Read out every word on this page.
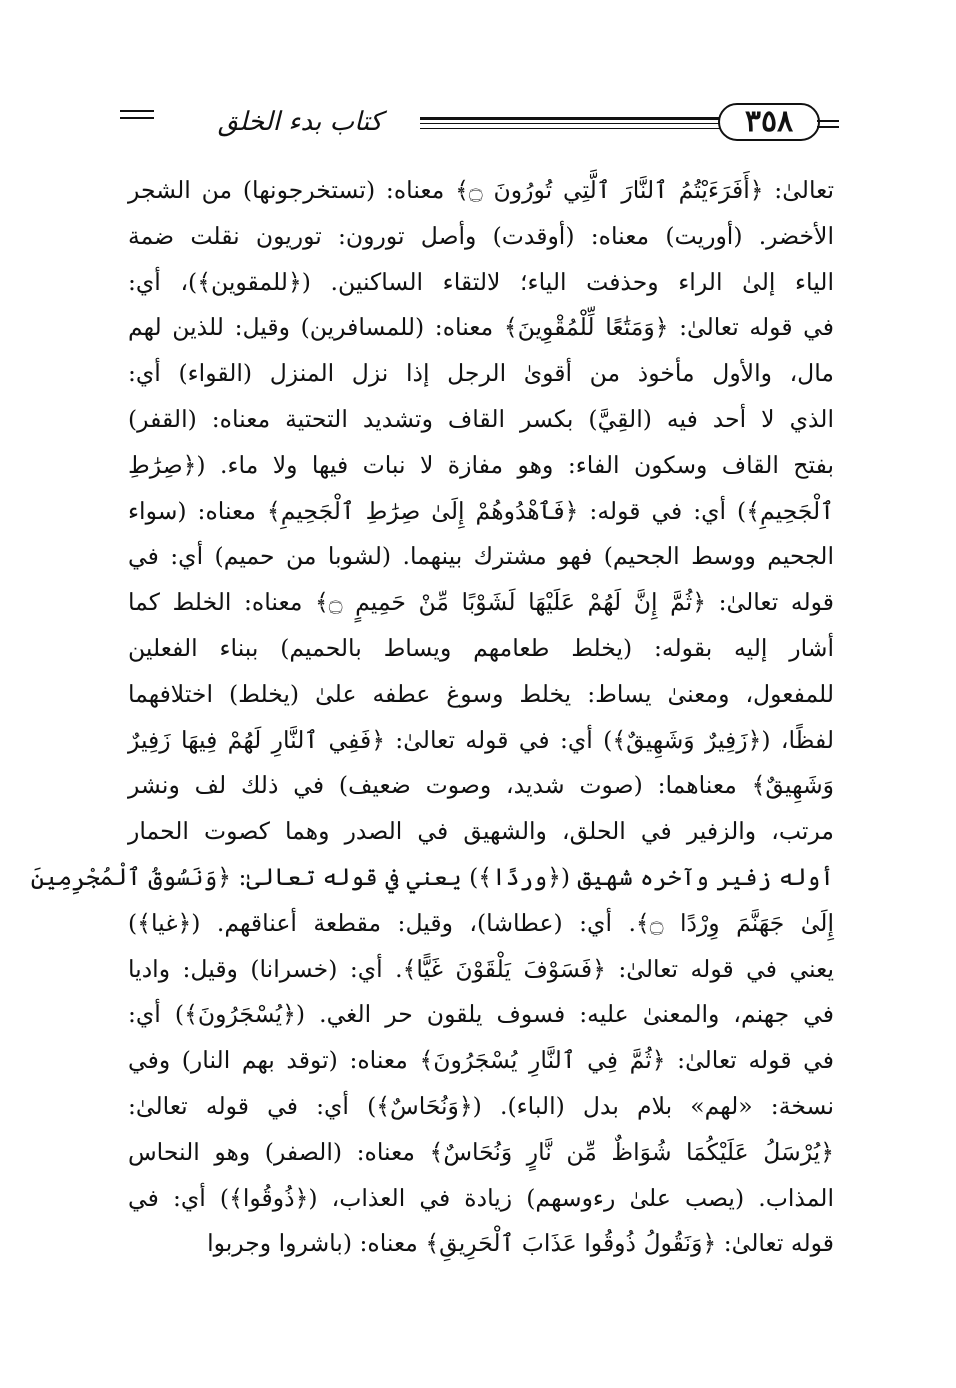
كتاب بدء الخلق	٣٥٨
تعالىٰ: ﴿أَفَرَءَيْتُمُ ٱلنَّارَ ٱلَّتِي تُورُونَ ۝﴾ معناه: (تستخرجونها) من الشجر
الأخضر. (أوريت) معناه: (أوقدت) وأصل تورون: توريون نقلت ضمة
الياء إلىٰ الراء وحذفت الياء؛ لالتقاء الساكنين. (﴿للمقوين﴾)، أي:
في قوله تعالىٰ: ﴿وَمَتَٰعًا لِّلْمُقْوِينَ﴾ معناه: (للمسافرين) وقيل: للذين لهم
مال، والأول مأخوذ من أقوىٰ الرجل إذا نزل المنزل (القواء) أي:
الذي لا أحد فيه (القِيَّ) بكسر القاف وتشديد التحتية معناه: (القفر)
بفتح القاف وسكون الفاء: وهو مفازة لا نبات فيها ولا ماء. (﴿صِرَٰطِ
ٱلْجَحِيمِ﴾) أي: في قوله: ﴿فَٱهْدُوهُمْ إِلَىٰ صِرَٰطِ ٱلْجَحِيمِ﴾ معناه: (سواء
الجحيم ووسط الجحيم) فهو مشترك بينهما. (لشوبا من حميم) أي: في
قوله تعالىٰ: ﴿ثُمَّ إِنَّ لَهُمْ عَلَيْهَا لَشَوْبًا مِّنْ حَمِيمٍ ۝﴾ معناه: الخلط كما
أشار إليه بقوله: (يخلط طعامهم ويساط بالحميم) ببناء الفعلين
للمفعول، ومعنىٰ يساط: يخلط وسوغ عطفه علىٰ (يخلط) اختلافهما
لفظًا، (﴿زَفِيرٌ وَشَهِيقٌ﴾) أي: في قوله تعالىٰ: ﴿فَفِي ٱلنَّارِ لَهُمْ فِيهَا زَفِيرٌ
وَشَهِيقٌ﴾ معناهما: (صوت شديد، وصوت ضعيف) في ذلك لف ونشر
مرتب، والزفير في الحلق، والشهيق في الصدر وهما كصوت الحمار
أوله زفير وآخره شهيق (﴿وردًا﴾) يعني في قوله تعالىٰ: ﴿وَنَسُوقُ ٱلْمُجْرِمِينَ
إِلَىٰ جَهَنَّمَ وِرْدًا ۝﴾. أي: (عطاشا)، وقيل: مقطعة أعناقهم. (﴿غيا﴾)
يعني في قوله تعالىٰ: ﴿فَسَوْفَ يَلْقَوْنَ غَيًّا﴾. أي: (خسرانا) وقيل: واديا
في جهنم، والمعنىٰ عليه: فسوف يلقون حر الغي. (﴿يُسْجَرُونَ﴾) أي:
في قوله تعالىٰ: ﴿ثُمَّ فِي ٱلنَّارِ يُسْجَرُونَ﴾ معناه: (توقد بهم النار) وفي
نسخة: «لهم» بلام بدل (الباء). (﴿وَنُحَاسٌ﴾) أي: في قوله تعالىٰ:
﴿يُرْسَلُ عَلَيْكُمَا شُوَاظٌ مِّن نَّارٍ وَنُحَاسٌ﴾ معناه: (الصفر) وهو النحاس
المذاب. (يصب علىٰ رءوسهم) زيادة في العذاب، (﴿ذُوقُوا﴾) أي: في
قوله تعالىٰ: ﴿وَنَقُولُ ذُوقُوا عَذَابَ ٱلْحَرِيقِ﴾ معناه: (باشروا وجربوا
